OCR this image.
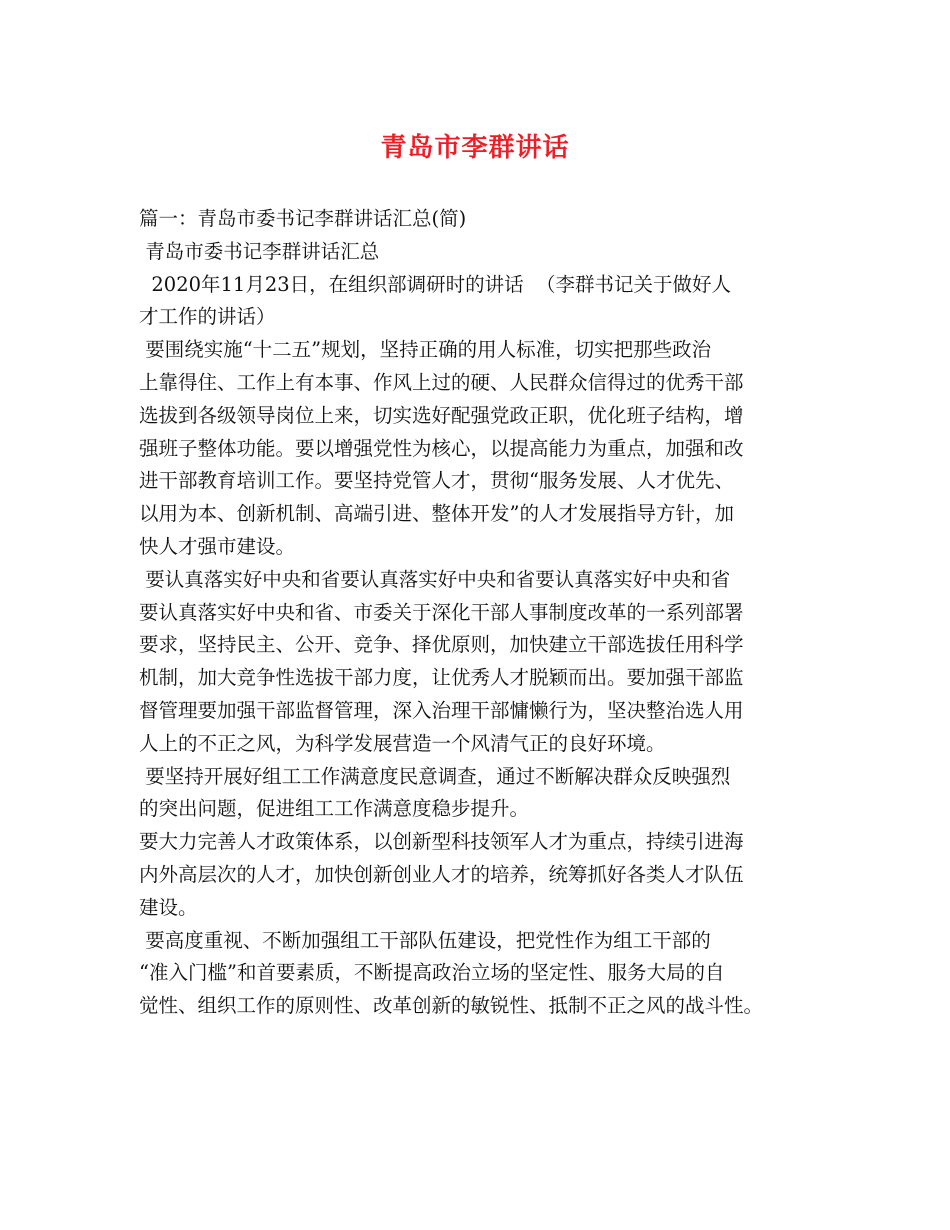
青岛市李群讲话
篇一：青岛市委书记李群讲话汇总(简)
青岛市委书记李群讲话汇总
2020年11月23日，在组织部调研时的讲话  （李群书记关于做好人
才工作的讲话）
要围绕实施“十二五”规划，坚持正确的用人标准，切实把那些政治
上靠得住、工作上有本事、作风上过的硬、人民群众信得过的优秀干部
选拔到各级领导岗位上来，切实选好配强党政正职，优化班子结构，增
强班子整体功能。要以增强党性为核心，以提高能力为重点，加强和改
进干部教育培训工作。要坚持党管人才，贯彻“服务发展、人才优先、
以用为本、创新机制、高端引进、整体开发”的人才发展指导方针，加
快人才强市建设。
要认真落实好中央和省要认真落实好中央和省要认真落实好中央和省
要认真落实好中央和省、市委关于深化干部人事制度改革的一系列部署
要求，坚持民主、公开、竞争、择优原则，加快建立干部选拔任用科学
机制，加大竞争性选拔干部力度，让优秀人才脱颖而出。要加强干部监
督管理要加强干部监督管理，深入治理干部慵懒行为，坚决整治选人用
人上的不正之风，为科学发展营造一个风清气正的良好环境。
要坚持开展好组工工作满意度民意调查，通过不断解决群众反映强烈
的突出问题，促进组工工作满意度稳步提升。
要大力完善人才政策体系，以创新型科技领军人才为重点，持续引进海
内外高层次的人才，加快创新创业人才的培养，统筹抓好各类人才队伍
建设。
要高度重视、不断加强组工干部队伍建设，把党性作为组工干部的
“准入门槛”和首要素质，不断提高政治立场的坚定性、服务大局的自
觉性、组织工作的原则性、改革创新的敏锐性、抵制不正之风的战斗性。
